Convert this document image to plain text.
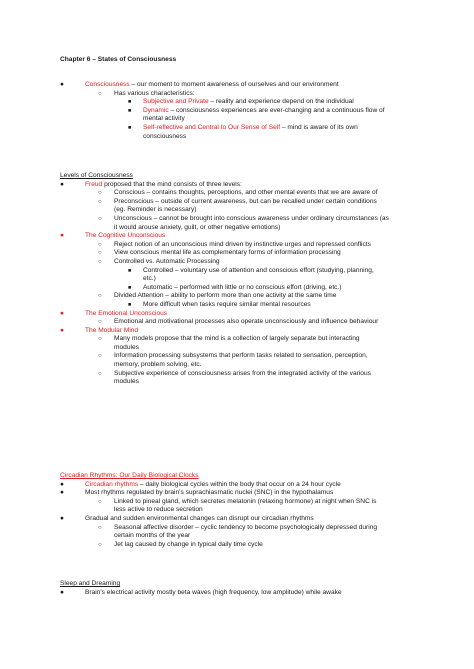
Chapter 6 – States of Consciousness
●	Consciousness – our moment to moment awareness of ourselves and our environment
○ Has various characteristics:
■ Subjective and Private – reality and experience depend on the individual
■ Dynamic – consciousness experiences are ever-changing and a continuous flow of
mental activity
■ Self-reflective and Central to Our Sense of Self – mind is aware of its own
consciousness
Levels of Consciousness
●	Freud proposed that the mind consists of three levels:
○ Conscious – contains thoughts, perceptions, and other mental events that we are aware of
○ Preconscious – outside of current awareness, but can be recalled under certain conditions
(eg. Reminder is necessary)
○ Unconscious – cannot be brought into conscious awareness under ordinary circumstances (as
it would arouse anxiety, guilt, or other negative emotions)
●	The Cognitive Unconscious
○ Reject notion of an unconscious mind driven by instinctive urges and repressed conflicts
○ View conscious mental life as complementary forms of information processing
○ Controlled vs. Automatic Processing
■ Controlled – voluntary use of attention and conscious effort (studying, planning,
etc.)
■ Automatic – performed with little or no conscious effort (driving, etc.)
○ Divided Attention – ability to perform more than one activity at the same time
■ More difficult when tasks require similar mental resources
●	The Emotional Unconscious
○ Emotional and motivational processes also operate unconsciously and influence behaviour
●	The Modular Mind
○ Many models propose that the mind is a collection of largely separate but interacting
modules
○ Information processing subsystems that perform tasks related to sensation, perception,
memory, problem solving, etc.
○ Subjective experience of consciousness arises from the integrated activity of the various
modules
Circadian Rhythms: Our Daily Biological Clocks
●	Circadian rhythms – daily biological cycles within the body that occur on a 24 hour cycle
●	Most rhythms regulated by brain's suprachiasmatic nuclei (SNC) in the hypothalamus
○ Linked to pineal gland, which secretes melatonin (relaxing hormone) at night when SNC is
less active to reduce secretion
●	Gradual and sudden environmental changes can disrupt our circadian rhythms
○ Seasonal affective disorder – cyclic tendency to become psychologically depressed during
certain months of the year
○ Jet lag caused by change in typical daily time cycle
Sleep and Dreaming
●	Brain's electrical activity mostly beta waves (high frequency, low amplitude) while awake
